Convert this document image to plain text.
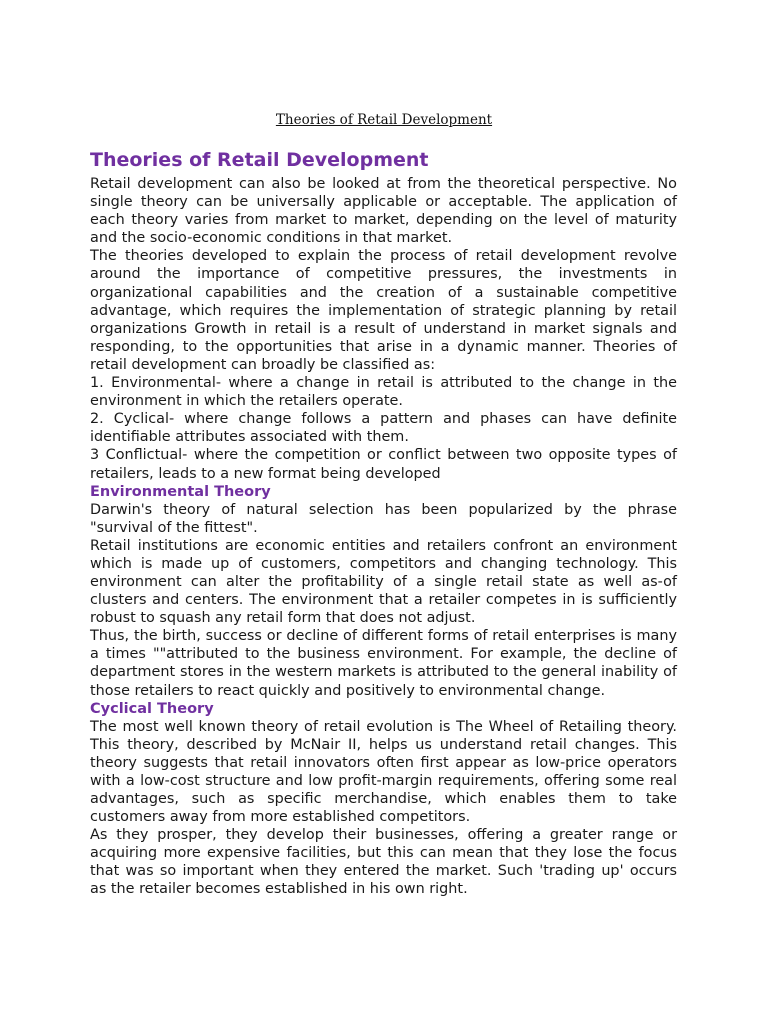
Theories of Retail Development
Theories of Retail Development

Retail development can also be looked at from the theoretical perspective. No single theory can be universally applicable or acceptable. The application of each theory varies from market to market, depending on the level of maturity and the socio-economic conditions in that market.

The theories developed to explain the process of retail development revolve around the importance of competitive pressures, the investments in organizational capabilities and the creation of a sustainable competitive advantage, which requires the implementation of strategic planning by retail organizations Growth in retail is a result of understand in market signals and responding, to the opportunities that arise in a dynamic manner. Theories of retail development can broadly be classified as:

1. Environmental- where a change in retail is attributed to the change in the environment in which the retailers operate.

2. Cyclical- where change follows a pattern and phases can have definite identifiable attributes associated with them.

3 Conflictual- where the competition or conflict between two opposite types of retailers, leads to a new format being developed

Environmental Theory

Darwin's theory of natural selection has been popularized by the phrase "survival of the fittest".

Retail institutions are economic entities and retailers confront an environment which is made up of customers, competitors and changing technology. This environment can alter the profitability of a single retail state as well as-of clusters and centers. The environment that a retailer competes in is sufficiently robust to squash any retail form that does not adjust.

Thus, the birth, success or decline of different forms of retail enterprises is many a times ""attributed to the business environment. For example, the decline of department stores in the western markets is attributed to the general inability of those retailers to react quickly and positively to environmental change.

Cyclical Theory

The most well known theory of retail evolution is The Wheel of Retailing theory. This theory, described by McNair II, helps us understand retail changes. This theory suggests that retail innovators often first appear as low-price operators with a low-cost structure and low profit-margin requirements, offering some real advantages, such as specific merchandise, which enables them to take customers away from more established competitors.

As they prosper, they develop their businesses, offering a greater range or acquiring more expensive facilities, but this can mean that they lose the focus that was so important when they entered the market. Such 'trading up' occurs as the retailer becomes established in his own right.
